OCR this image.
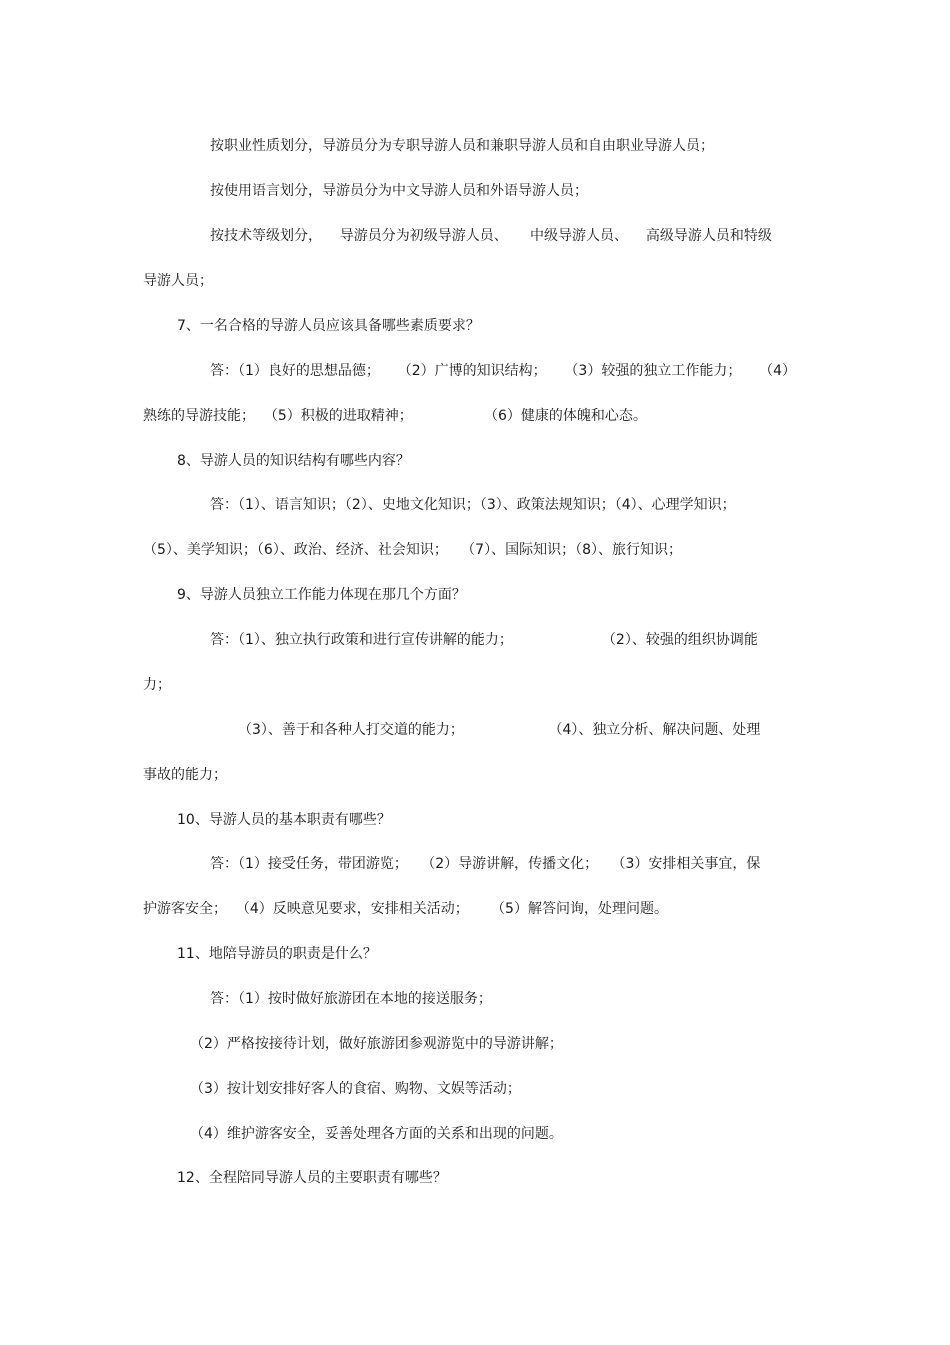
按职业性质划分，导游员分为专职导游人员和兼职导游人员和自由职业导游人员；
按使用语言划分，导游员分为中文导游人员和外语导游人员；
按技术等级划分，    导游员分为初级导游人员、     中级导游人员、    高级导游人员和特级
导游人员；
7、一名合格的导游人员应该具备哪些素质要求？
答：（1）良好的思想品德；    （2）广博的知识结构；    （3）较强的独立工作能力；    （4）
熟练的导游技能；  （5）积极的进取精神；                （6）健康的体魄和心态。
8、导游人员的知识结构有哪些内容？
答：（1）、语言知识；（2）、史地文化知识；（3）、政策法规知识；（4）、心理学知识；
（5）、美学知识；（6）、政治、经济、社会知识；   （7）、国际知识；（8）、旅行知识；
9、导游人员独立工作能力体现在那几个方面？
答：（1）、独立执行政策和进行宣传讲解的能力；                    （2）、较强的组织协调能
力；
（3）、善于和各种人打交道的能力；                   （4）、独立分析、解决问题、处理
事故的能力；
10、导游人员的基本职责有哪些？
答：（1）接受任务，带团游览；   （2）导游讲解，传播文化；   （3）安排相关事宜，保
护游客安全；  （4）反映意见要求，安排相关活动；     （5）解答问询，处理问题。
11、地陪导游员的职责是什么？
答：（1）按时做好旅游团在本地的接送服务；
（2）严格按接待计划，做好旅游团参观游览中的导游讲解；
（3）按计划安排好客人的食宿、购物、文娱等活动；
（4）维护游客安全，妥善处理各方面的关系和出现的问题。
12、全程陪同导游人员的主要职责有哪些？
